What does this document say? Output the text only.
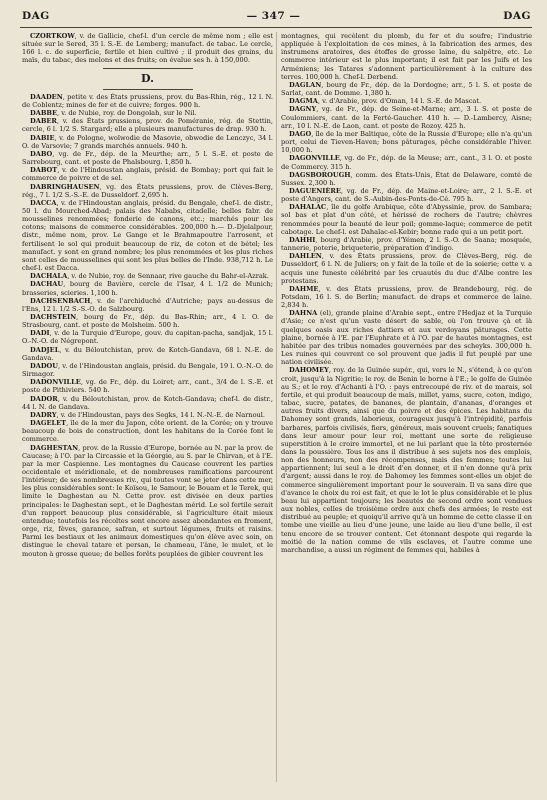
DAG	— 347 —	DAG

CZORTKOW, v. de Gallicie, chef-l. d'un cercle de même nom ; elle est située sur le Sered, 35 l. S.-E. de Lemberg; manufact. de tabac. Le cercle, 166 l. c. de superficie, fertile et bien cultivé ; il produit des grains, du maïs, du tabac, des melons et des fruits; on évalue ses h. à 150,000.

D.

DAADEN, petite v. des États prussiens, prov. du Bas-Rhin, rég., 12 l. N. de Coblentz; mines de fer et de cuivre; forges. 900 h.

DABBE, v. de Nubie, roy. de Dongolah, sur le Nil.

DABER, v. des États prussiens, prov. de Poméranie, rég. de Stettin, cercle, 6 l. 1/2 S. Stargard; elle a plusieurs manufactures de drap. 930 h.

DABIE, v. de Pologne, woïwodie de Masovie, obwodie de Lenczyc, 34 l. O. de Varsovie; 7 grands marchés annuels. 940 h.

DABO, vg. de Fr., dép. de la Meurthe; arr., 5 l. S.-E. et poste de Sarrebourg, cant. et poste de Phalsbourg. 1,850 h.

DABOT, v. de l'Hindoustan anglais, présid. de Bombay; port qui fait le commerce de poivre et de sel.

DABRINGHAUSEN, vg. des États prussiens, prov. de Clèves-Berg, rég., 7 l. 1/2 S.-S.-E. de Dusseldorf. 2,695 h.

DACCA, v. de l'Hindoustan anglais, présid. du Bengale, chef-l. de distr., 50 l. du Mourched-Abad; palais des Nababs, citadelle; belles fabr. de mousselines renommées; fonderie de canons, etc.; marchés pour les cotons; maisons de commerce considérables. 200,000 h.— D.-Djelalpour, distr., même nom, prov. Le Gange et le Brahmapoutre l'arrosent, et fertilisent le sol qui produit beaucoup de riz, de coton et de bétel; les manufact. y sont en grand nombre; les plus renommées et les plus riches sont celles de mousselines qui sont les plus belles de l'Inde. 938,712 h. Le chef-l. est Dacca.

DACHALA, v. de Nubie, roy. de Sennaar, rive gauche du Bahr-el-Azrak.

DACHAU, bourg de Bavière, cercle de l'Isar, 4 l. 1/2 de Munich; brasseries, scieries. 1,100 h.

DACHSENBACH, v. de l'archiduché d'Autriche; pays au-dessus de l'Ens, 12 l. 1/2 S.-S.-O. de Salzbourg.

DACHSTEIN, bourg de Fr., dép. du Bas-Rhin; arr., 4 l. O. de Strasbourg, cant. et poste de Molsheim. 500 h.

DADI, v. de la Turquie d'Europe, gouv. du capitan-pacha, sandjak, 15 l. O.-N.-O. de Négrepont.

DADJEL, v. du Béloutchistan, prov. de Kotch-Gandava, 68 l. N.-E. de Gandava.

DADOU, v. de l'Hindoustan anglais, présid. du Bengale, 19 l. O.-N.-O. de Sirmagor.

DADONVILLE, vg. de Fr., dép. du Loiret; arr., cant., 3/4 de l. S.-E. et poste de Pithiviers. 540 h.

DADOR, v. du Béloutchistan, prov. de Kotch-Gandava; chef-l. de distr., 44 l. N. de Gandava.

DADRY, v. de l'Hindoustan, pays des Segks, 14 l. N.-N.-E. de Narnoul.

DAGELET, île de la mer du Japon, côte orient. de la Corée; on y trouve beaucoup de bois de construction, dont les habitans de la Corée font le commerce.

DAGHESTAN, prov. de la Russie d'Europe, bornée au N. par la prov. de Caucase; à l'O. par la Circassie et la Géorgie, au S. par le Chirvan, et à l'E. par la mer Caspienne. Les montagnes du Caucase couvrent les parties occidentale et méridionale, et de nombreuses ramifications parcourent l'intérieur; de ses nombreuses riv., qui toutes vont se jeter dans cette mer, les plus considérables sont: le Koïsou, le Samour, le Bouam et le Terek, qui limite le Daghestan au N. Cette prov. est divisée en deux parties principales: le Daghestan sept., et le Daghestan mérid. Le sol fertile serait d'un rapport beaucoup plus considérable, si l'agriculture était mieux entendue; toutefois les récoltes sont encore assez abondantes en froment, orge, riz, fèves, garance, safran, et surtout légumes, fruits et raisins. Parmi les bestiaux et les animaux domestiques qu'on élève avec soin, on distingue le cheval tatare et persan, le chameau, l'âne, le mulet, et le mouton à grosse queue; de belles forêts peuplées de gibier couvrent les

montagnes, qui recèlent du plomb, du fer et du soufre; l'industrie appliquée à l'exploitation de ces mines, à la fabrication des armes, des instrumens aratoires, des étoffes de grosse laine, du salpêtre, etc. Le commerce intérieur est le plus important; il est fait par les Juifs et les Arméniens; les Tatares s'adonnent particulièrement à la culture des terres. 100,000 h. Chef-l. Derbend.

DAGLAN, bourg de Fr., dép. de la Dordogne; arr., 5 l. S. et poste de Sarlat, cant. de Domme. 1,380 h.

DAGMA, v. d'Arabie, prov. d'Oman, 14 l. S.-E. de Mascat.

DAGNY, vg. de Fr., dép. de Seine-et-Marne; arr., 3 l. S. et poste de Coulommiers, cant. de la Ferté-Gaucher. 410 h. — D.-Lambercy, Aisne; arr., 10 l. N.-E. de Laon, cant. et poste de Rozoy. 425 h.

DAGO, île de la mer Baltique, côte de la Russie d'Europe; elle n'a qu'un port, celui de Tieven-Haven; bons pâturages, pêche considérable l'hiver. 10,000 h.

DAGONVILLE, vg. de Fr., dép. de la Meuse; arr., cant., 3 l. O. et poste de Commercy. 315 h.

DAGSBOROUGH, comm. des États-Unis, État de Delaware, comté de Sussex. 2,300 h.

DAGUENIÈRE, vg. de Fr., dép. de Maine-et-Loire; arr., 2 l. S.-E. et poste d'Angers, cant. de S.-Aubin-des-Ponts-de-Cé. 795 h.

DAHALAC, île du golfe Arabique, côte d'Abyssinie, prov. de Sambara; sol bas et plat d'un côté, et hérissé de rochers de l'autre; chèvres renommées pour la beauté de leur poil; gomme-laque; commerce de petit cabotage. Le chef-l. est Dahalac-el-Kebir; bonne rade qui a un petit port.

DAHHI, bourg d'Arabie, prov. d'Yémen, 2 l. S.-O. de Saana; mosquée, tannerie, poterie, briqueterie, préparation d'indigo.

DAHLEN, v. des États prussiens, prov. de Clèves-Berg, rég. de Dusseldorf, 6 l. N. de Juliers; on y fait de la toile et de la soierie; cette v. a acquis une funeste célébrité par les cruautés du duc d'Albe contre les protestans.

DAHME, v. des États prussiens, prov. de Brandebourg, rég. de Potsdam, 16 l. S. de Berlin; manufact. de draps et commerce de laine. 2,834 h.

DAHNA (el), grande plaine d'Arabie sept., entre l'Hedjaz et la Turquie d'Asie; ce n'est qu'un vaste désert de sable, où l'on trouve çà et là quelques oasis aux riches dattiers et aux verdoyans pâturages. Cette plaine, bornée à l'E. par l'Euphrate et à l'O. par de hautes montagnes, est habitée par des tribus nomades gouvernées par des scheyks. 300,000 h. Les ruines qui couvrent ce sol prouvent que jadis il fut peuplé par une nation civilisée.

DAHOMEY, roy. de la Guinée supér., qui, vers le N., s'étend, à ce qu'on croit, jusqu'à la Nigritie; le roy. de Benin le borne à l'E.; le golfe de Guinée au S.; et le roy. d'Achanti à l'O. : pays entrecoupé de riv. et de marais, sol fertile, et qui produit beaucoup de maïs, millet, yams, sucre, coton, indigo, tabac, sucre, patates, de bananes, de plantain, d'ananas, d'oranges et autres fruits divers, ainsi que du poivre et des épices. Les habitans du Dahomey sont grands, laborieux, courageux jusqu'à l'intrépidité, parfois barbares, parfois civilisés, fiers, généreux, mais souvent cruels; fanatiques dans leur amour pour leur roi, mettant une sorte de religieuse superstition à le croire immortel, et ne lui parlant que la tête prosternée dans la poussière. Tous les ans il distribue à ses sujets nos des emplois, non des honneurs, non des récompenses, mais des femmes; toutes lui appartiennent; lui seul a le droit d'en donner, et il n'en donne qu'à prix d'argent; aussi dans le roy. de Dahomey les femmes sont-elles un objet de commerce singulièrement important pour le souverain. Il va sans dire que d'avance le choix du roi est fait, et que le lot le plus considérable et le plus beau lui appartient toujours; les beautés de second ordre sont vendues aux nobles, celles de troisième ordre aux chefs des armées; le reste est distribué au peuple; et quoiqu'il arrive qu'à un homme de cette classe il en tombe une vieille au lieu d'une jeune, une laide au lieu d'une belle, il est tenu encore de se trouver content. Cet étonnant despote qui regarde la moitié de la nation comme de vils esclaves, et l'autre comme une marchandise, a aussi un régiment de femmes qui, habiles à
